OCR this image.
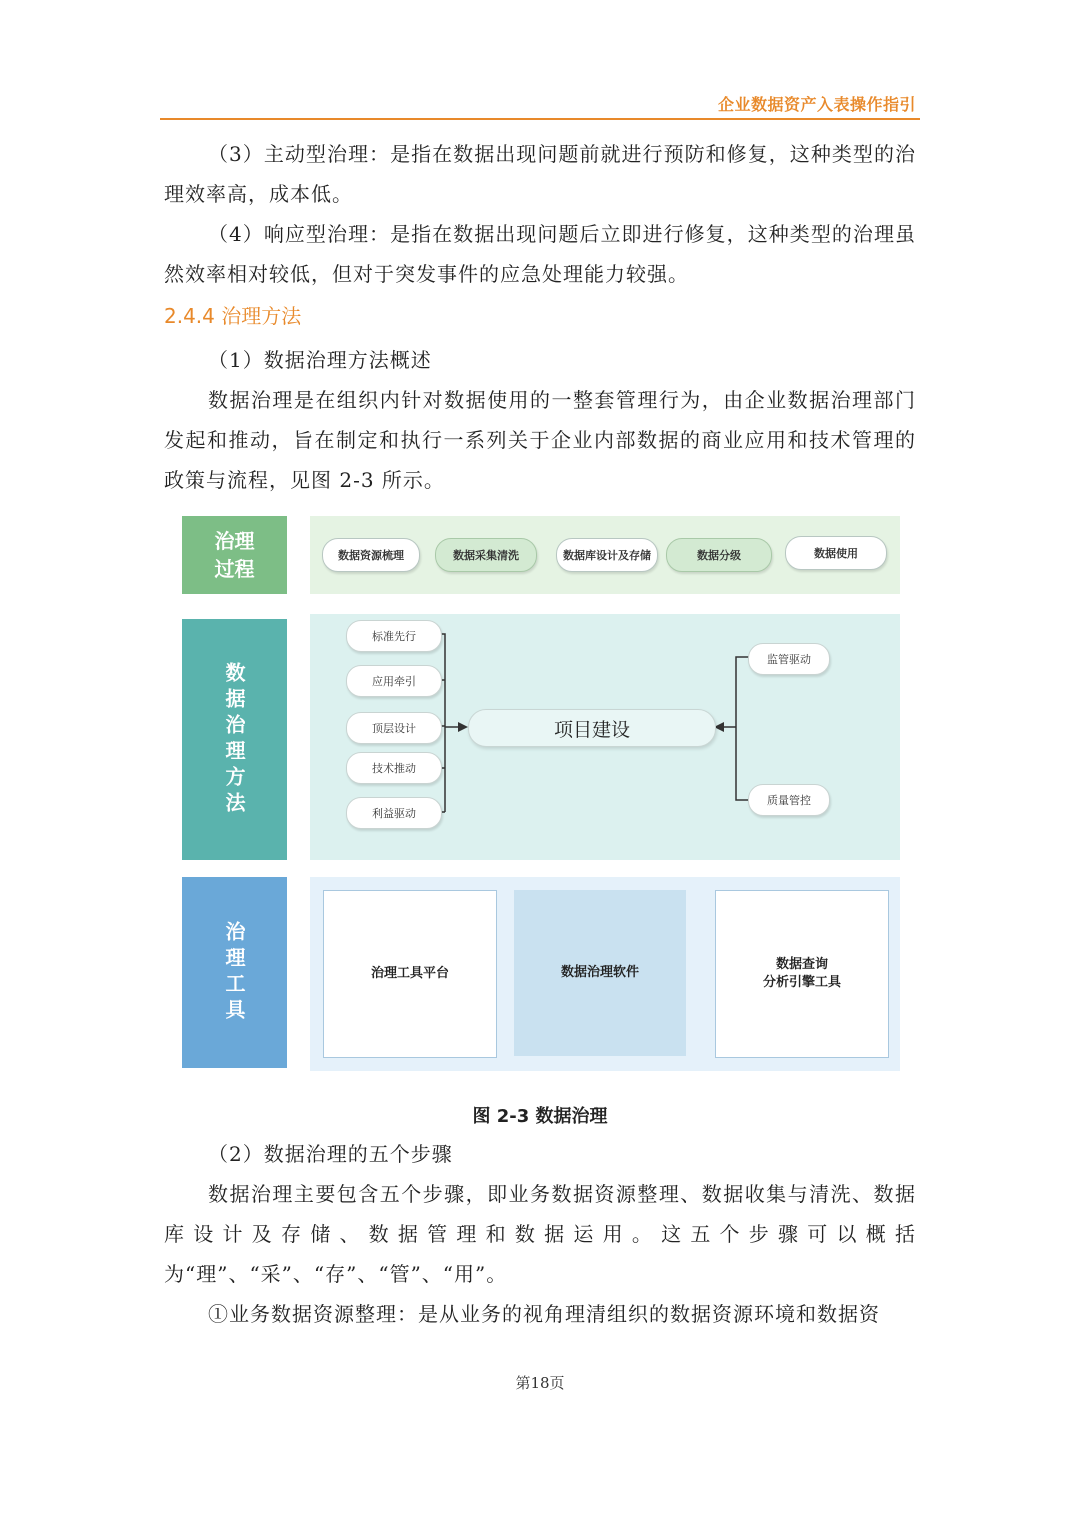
企业数据资产入表操作指引

（3）主动型治理：是指在数据出现问题前就进行预防和修复，这种类型的治理效率高，成本低。

（4）响应型治理：是指在数据出现问题后立即进行修复，这种类型的治理虽然效率相对较低，但对于突发事件的应急处理能力较强。

2.4.4 治理方法

（1）数据治理方法概述

数据治理是在组织内针对数据使用的一整套管理行为，由企业数据治理部门发起和推动，旨在制定和执行一系列关于企业内部数据的商业应用和技术管理的政策与流程，见图 2-3 所示。

治理过程
数据治理方法
治理工具
数据资源梳理	数据采集清洗	数据库设计及存储	数据分级	数据使用
标准先行
应用牵引
顶层设计
技术推动
利益驱动
项目建设
监管驱动
质量管控
治理工具平台	数据治理软件
数据查询
分析引擎工具
图 2-3 数据治理

（2）数据治理的五个步骤

数据治理主要包含五个步骤，即业务数据资源整理、数据收集与清洗、数据库设计及存储、数据管理和数据运用。这五个步骤可以概括为“理”、“采”、“存”、“管”、“用”。

①业务数据资源整理：是从业务的视角理清组织的数据资源环境和数据资

第18页
